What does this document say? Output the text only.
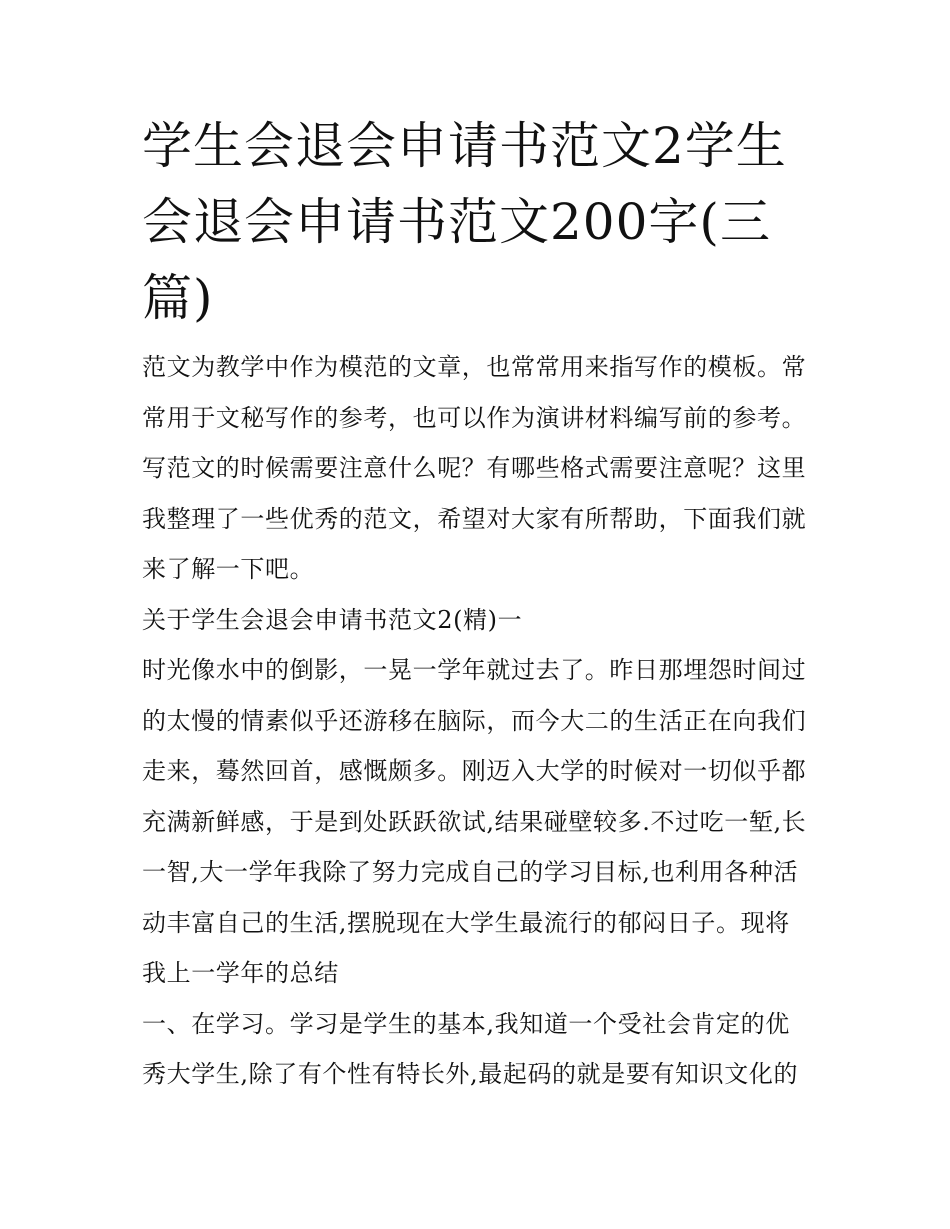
学生会退会申请书范文2学生会退会申请书范文200字(三篇)

范文为教学中作为模范的文章，也常常用来指写作的模板。常常用于文秘写作的参考，也可以作为演讲材料编写前的参考。写范文的时候需要注意什么呢？有哪些格式需要注意呢？这里我整理了一些优秀的范文，希望对大家有所帮助，下面我们就来了解一下吧。

关于学生会退会申请书范文2(精)一

时光像水中的倒影，一晃一学年就过去了。昨日那埋怨时间过的太慢的情素似乎还游移在脑际，而今大二的生活正在向我们走来，蓦然回首，感慨颇多。刚迈入大学的时候对一切似乎都充满新鲜感，于是到处跃跃欲试,结果碰壁较多.不过吃一堑,长一智,大一学年我除了努力完成自己的学习目标,也利用各种活动丰富自己的生活,摆脱现在大学生最流行的郁闷日子。现将我上一学年的总结

一、在学习。学习是学生的基本,我知道一个受社会肯定的优秀大学生,除了有个性有特长外,最起码的就是要有知识文化的
